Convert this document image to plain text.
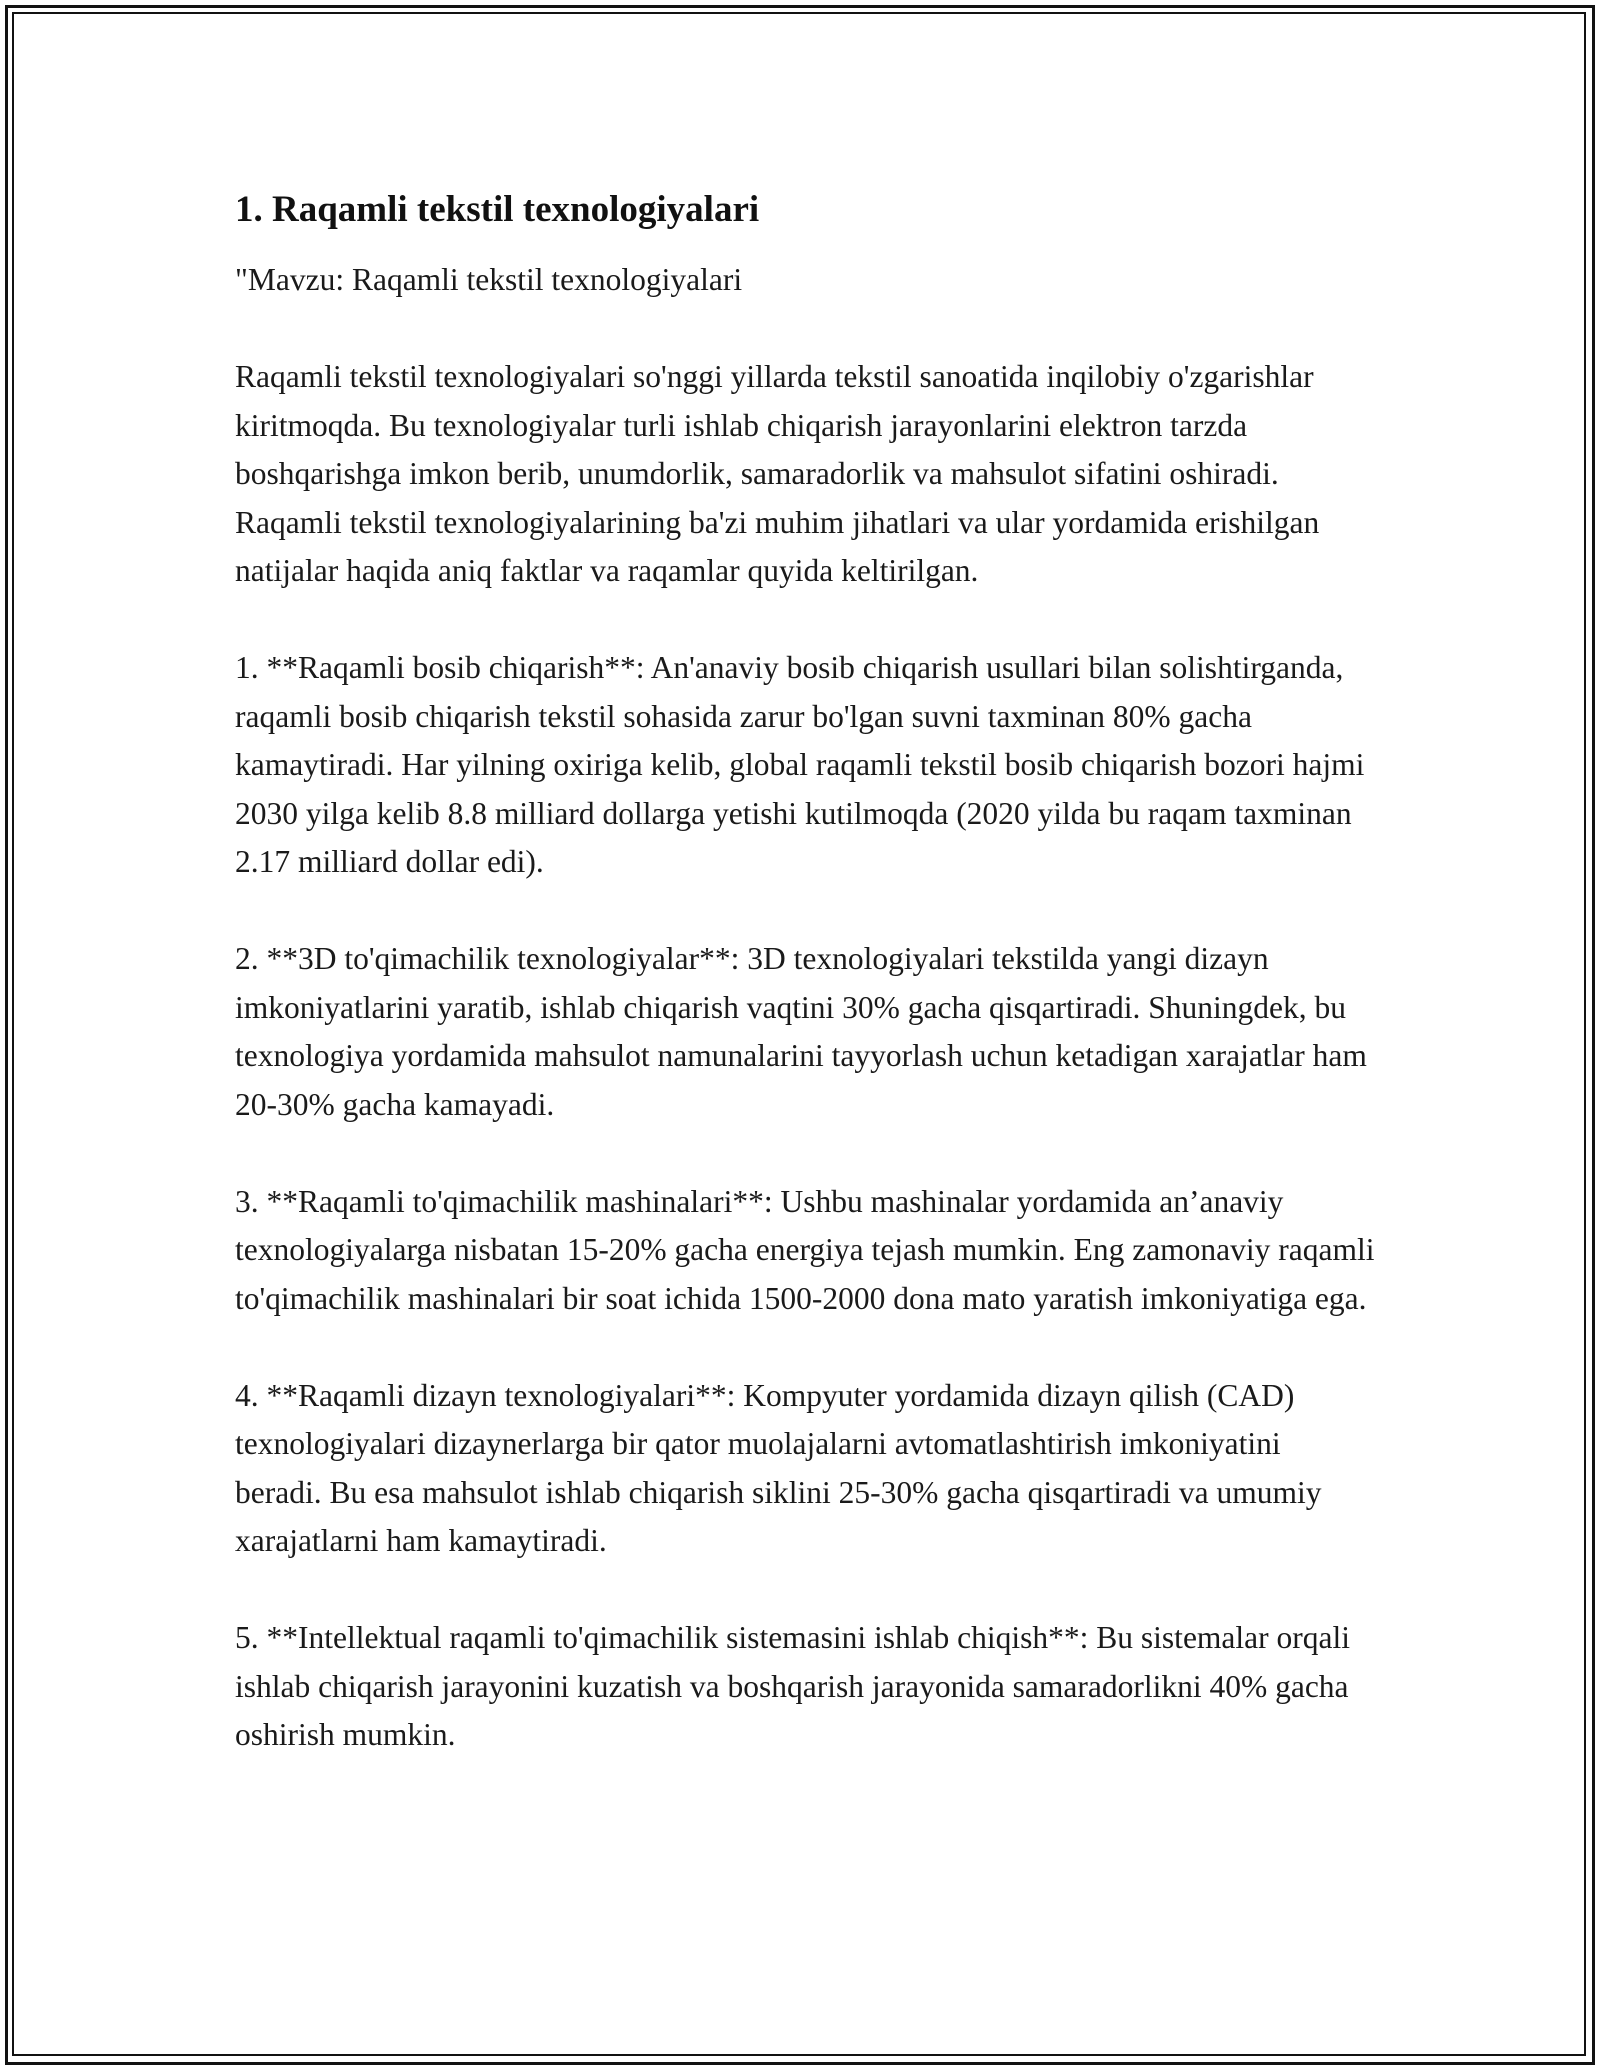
1. Raqamli tekstil texnologiyalari

"Mavzu: Raqamli tekstil texnologiyalari

Raqamli tekstil texnologiyalari so'nggi yillarda tekstil sanoatida inqilobiy o'zgarishlar kiritmoqda. Bu texnologiyalar turli ishlab chiqarish jarayonlarini elektron tarzda boshqarishga imkon berib, unumdorlik, samaradorlik va mahsulot sifatini oshiradi. Raqamli tekstil texnologiyalarining ba'zi muhim jihatlari va ular yordamida erishilgan natijalar haqida aniq faktlar va raqamlar quyida keltirilgan.

1. **Raqamli bosib chiqarish**: An'anaviy bosib chiqarish usullari bilan solishtirganda, raqamli bosib chiqarish tekstil sohasida zarur bo'lgan suvni taxminan 80% gacha kamaytiradi. Har yilning oxiriga kelib, global raqamli tekstil bosib chiqarish bozori hajmi 2030 yilga kelib 8.8 milliard dollarga yetishi kutilmoqda (2020 yilda bu raqam taxminan 2.17 milliard dollar edi).

2. **3D to'qimachilik texnologiyalar**: 3D texnologiyalari tekstilda yangi dizayn imkoniyatlarini yaratib, ishlab chiqarish vaqtini 30% gacha qisqartiradi. Shuningdek, bu texnologiya yordamida mahsulot namunalarini tayyorlash uchun ketadigan xarajatlar ham 20-30% gacha kamayadi.

3. **Raqamli to'qimachilik mashinalari**: Ushbu mashinalar yordamida an’anaviy texnologiyalarga nisbatan 15-20% gacha energiya tejash mumkin. Eng zamonaviy raqamli to'qimachilik mashinalari bir soat ichida 1500-2000 dona mato yaratish imkoniyatiga ega.

4. **Raqamli dizayn texnologiyalari**: Kompyuter yordamida dizayn qilish (CAD) texnologiyalari dizaynerlarga bir qator muolajalarni avtomatlashtirish imkoniyatini beradi. Bu esa mahsulot ishlab chiqarish siklini 25-30% gacha qisqartiradi va umumiy xarajatlarni ham kamaytiradi.

5. **Intellektual raqamli to'qimachilik sistemasini ishlab chiqish**: Bu sistemalar orqali ishlab chiqarish jarayonini kuzatish va boshqarish jarayonida samaradorlikni 40% gacha oshirish mumkin.
